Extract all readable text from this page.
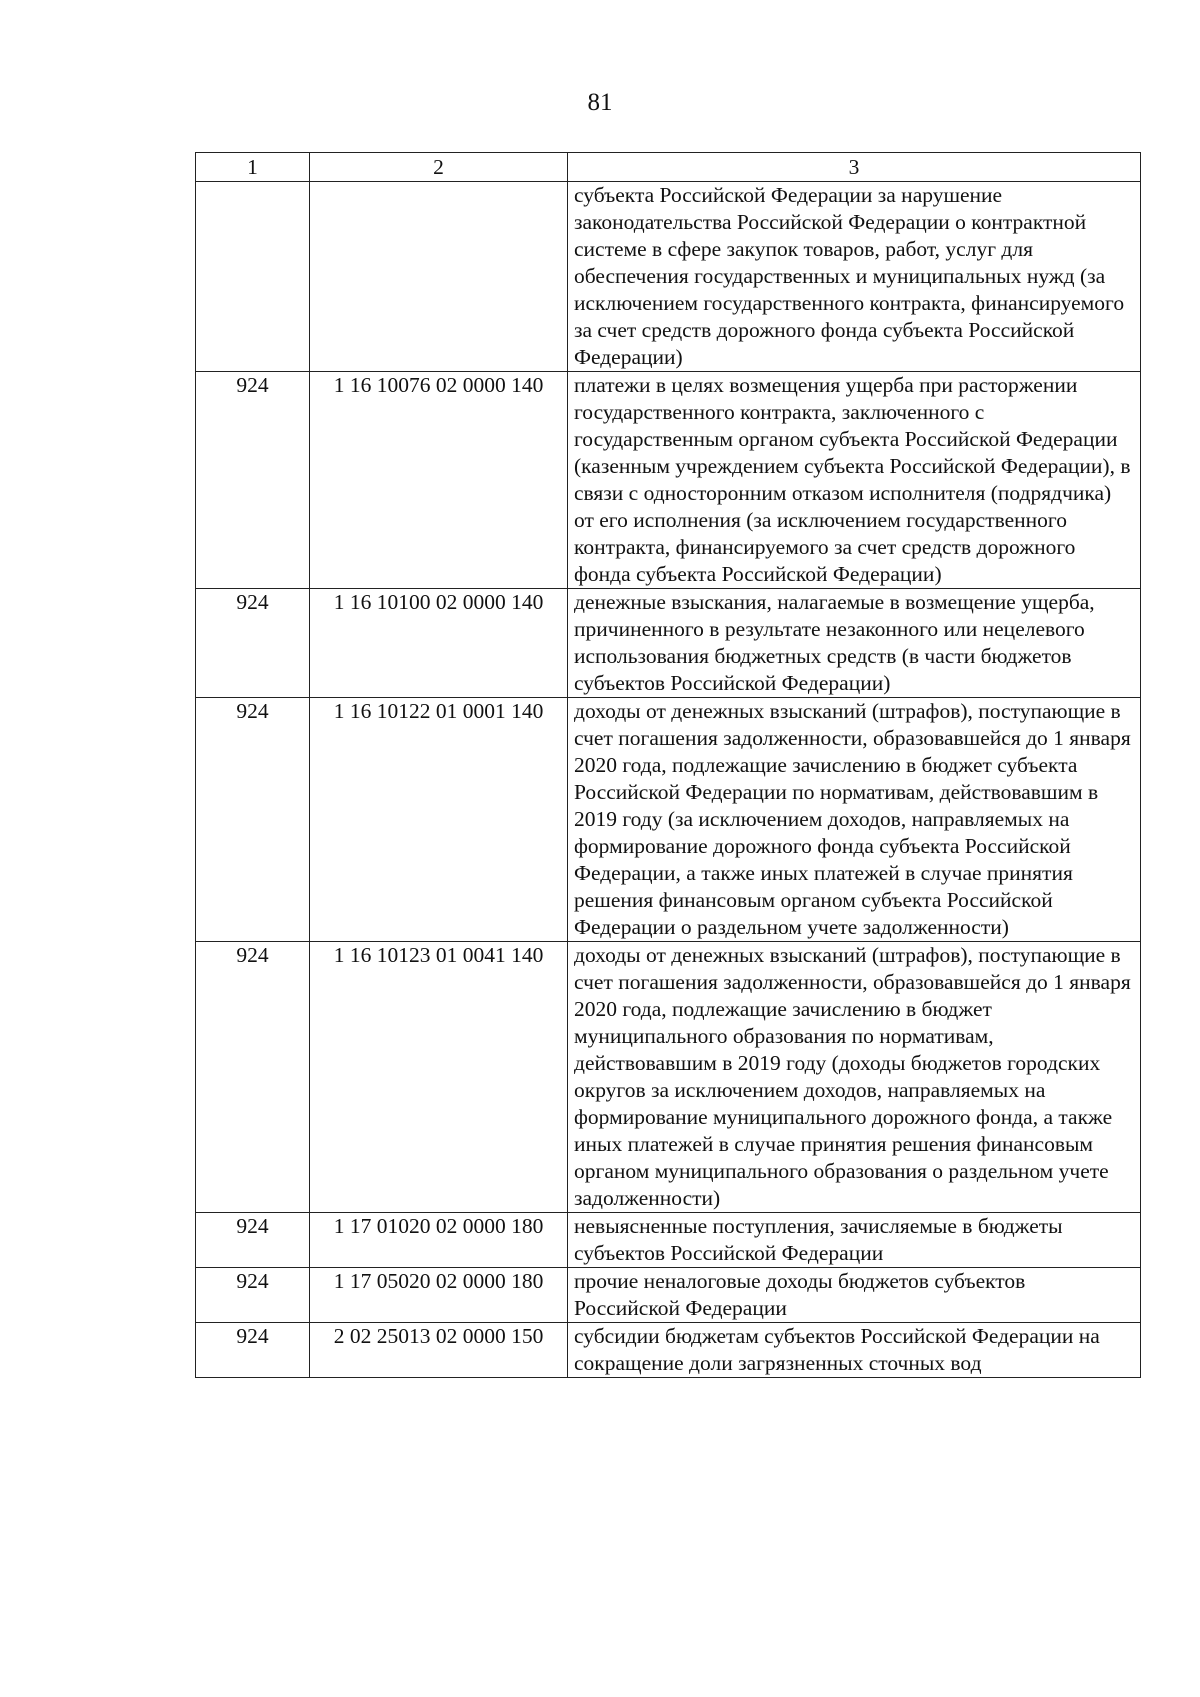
81
1	2	3
		субъекта Российской Федерации за нарушение законодательства Российской Федерации о контрактной системе в сфере закупок товаров, работ, услуг для обеспечения государственных и муниципальных нужд (за исключением государственного контракта, финансируемого за счет средств дорожного фонда субъекта Российской Федерации)
924	1 16 10076 02 0000 140	платежи в целях возмещения ущерба при расторжении государственного контракта, заключенного с государственным органом субъекта Российской Федерации (казенным учреждением субъекта Российской Федерации), в связи с односторонним отказом исполнителя (подрядчика) от его исполнения (за исключением государственного контракта, финансируемого за счет средств дорожного фонда субъекта Российской Федерации)
924	1 16 10100 02 0000 140	денежные взыскания, налагаемые в возмещение ущерба, причиненного в результате незаконного или нецелевого использования бюджетных средств (в части бюджетов субъектов Российской Федерации)
924	1 16 10122 01 0001 140	доходы от денежных взысканий (штрафов), поступающие в счет погашения задолженности, образовавшейся до 1 января 2020 года, подлежащие зачислению в бюджет субъекта Российской Федерации по нормативам, действовавшим в 2019 году (за исключением доходов, направляемых на формирование дорожного фонда субъекта Российской Федерации, а также иных платежей в случае принятия решения финансовым органом субъекта Российской Федерации о раздельном учете задолженности)
924	1 16 10123 01 0041 140	доходы от денежных взысканий (штрафов), поступающие в счет погашения задолженности, образовавшейся до 1 января 2020 года, подлежащие зачислению в бюджет муниципального образования по нормативам, действовавшим в 2019 году (доходы бюджетов городских округов за исключением доходов, направляемых на формирование муниципального дорожного фонда, а также иных платежей в случае принятия решения финансовым органом муниципального образования о раздельном учете задолженности)
924	1 17 01020 02 0000 180	невыясненные поступления, зачисляемые в бюджеты субъектов Российской Федерации
924	1 17 05020 02 0000 180	прочие неналоговые доходы бюджетов субъектов Российской Федерации
924	2 02 25013 02 0000 150	субсидии бюджетам субъектов Российской Федерации на сокращение доли загрязненных сточных вод
